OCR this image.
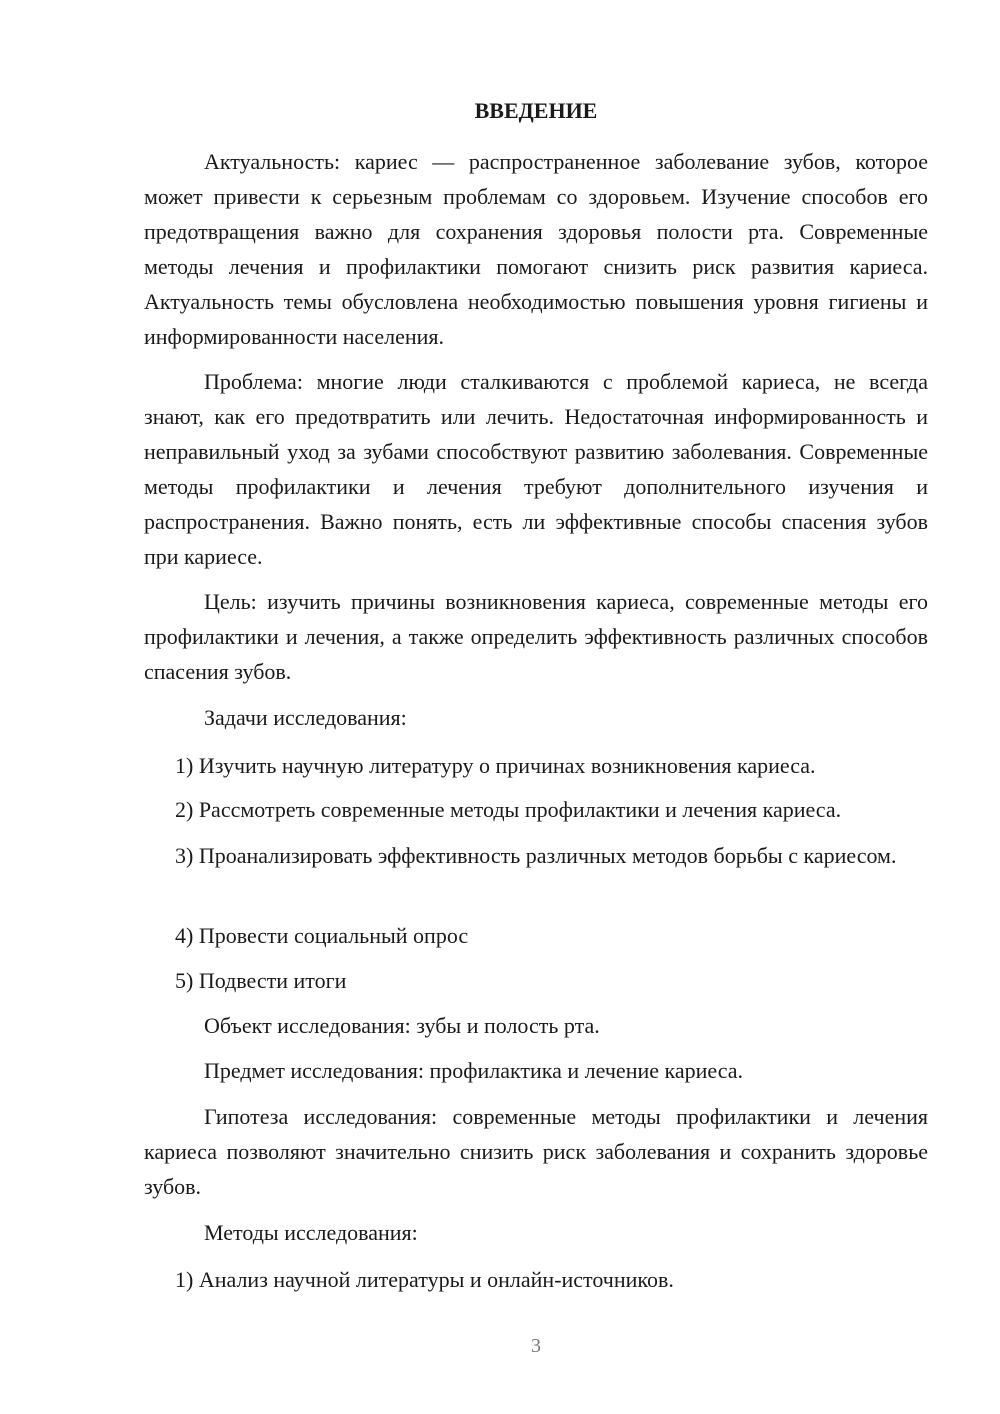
ВВЕДЕНИЕ

Актуальность: кариес — распространенное заболевание зубов, которое может привести к серьезным проблемам со здоровьем. Изучение способов его предотвращения важно для сохранения здоровья полости рта. Современные методы лечения и профилактики помогают снизить риск развития кариеса. Актуальность темы обусловлена необходимостью повышения уровня гигиены и информированности населения.

Проблема: многие люди сталкиваются с проблемой кариеса, не всегда знают, как его предотвратить или лечить. Недостаточная информированность и неправильный уход за зубами способствуют развитию заболевания. Современные методы профилактики и лечения требуют дополнительного изучения и распространения. Важно понять, есть ли эффективные способы спасения зубов при кариесе.

Цель: изучить причины возникновения кариеса, современные методы его профилактики и лечения, а также определить эффективность различных способов спасения зубов.

Задачи исследования:

1) Изучить научную литературу о причинах возникновения кариеса.

2) Рассмотреть современные методы профилактики и лечения кариеса.

3) Проанализировать эффективность различных методов борьбы с кариесом.

4) Провести социальный опрос

5) Подвести итоги

Объект исследования: зубы и полость рта.

Предмет исследования: профилактика и лечение кариеса.

Гипотеза исследования: современные методы профилактики и лечения кариеса позволяют значительно снизить риск заболевания и сохранить здоровье зубов.

Методы исследования:

1) Анализ научной литературы и онлайн-источников.

3
